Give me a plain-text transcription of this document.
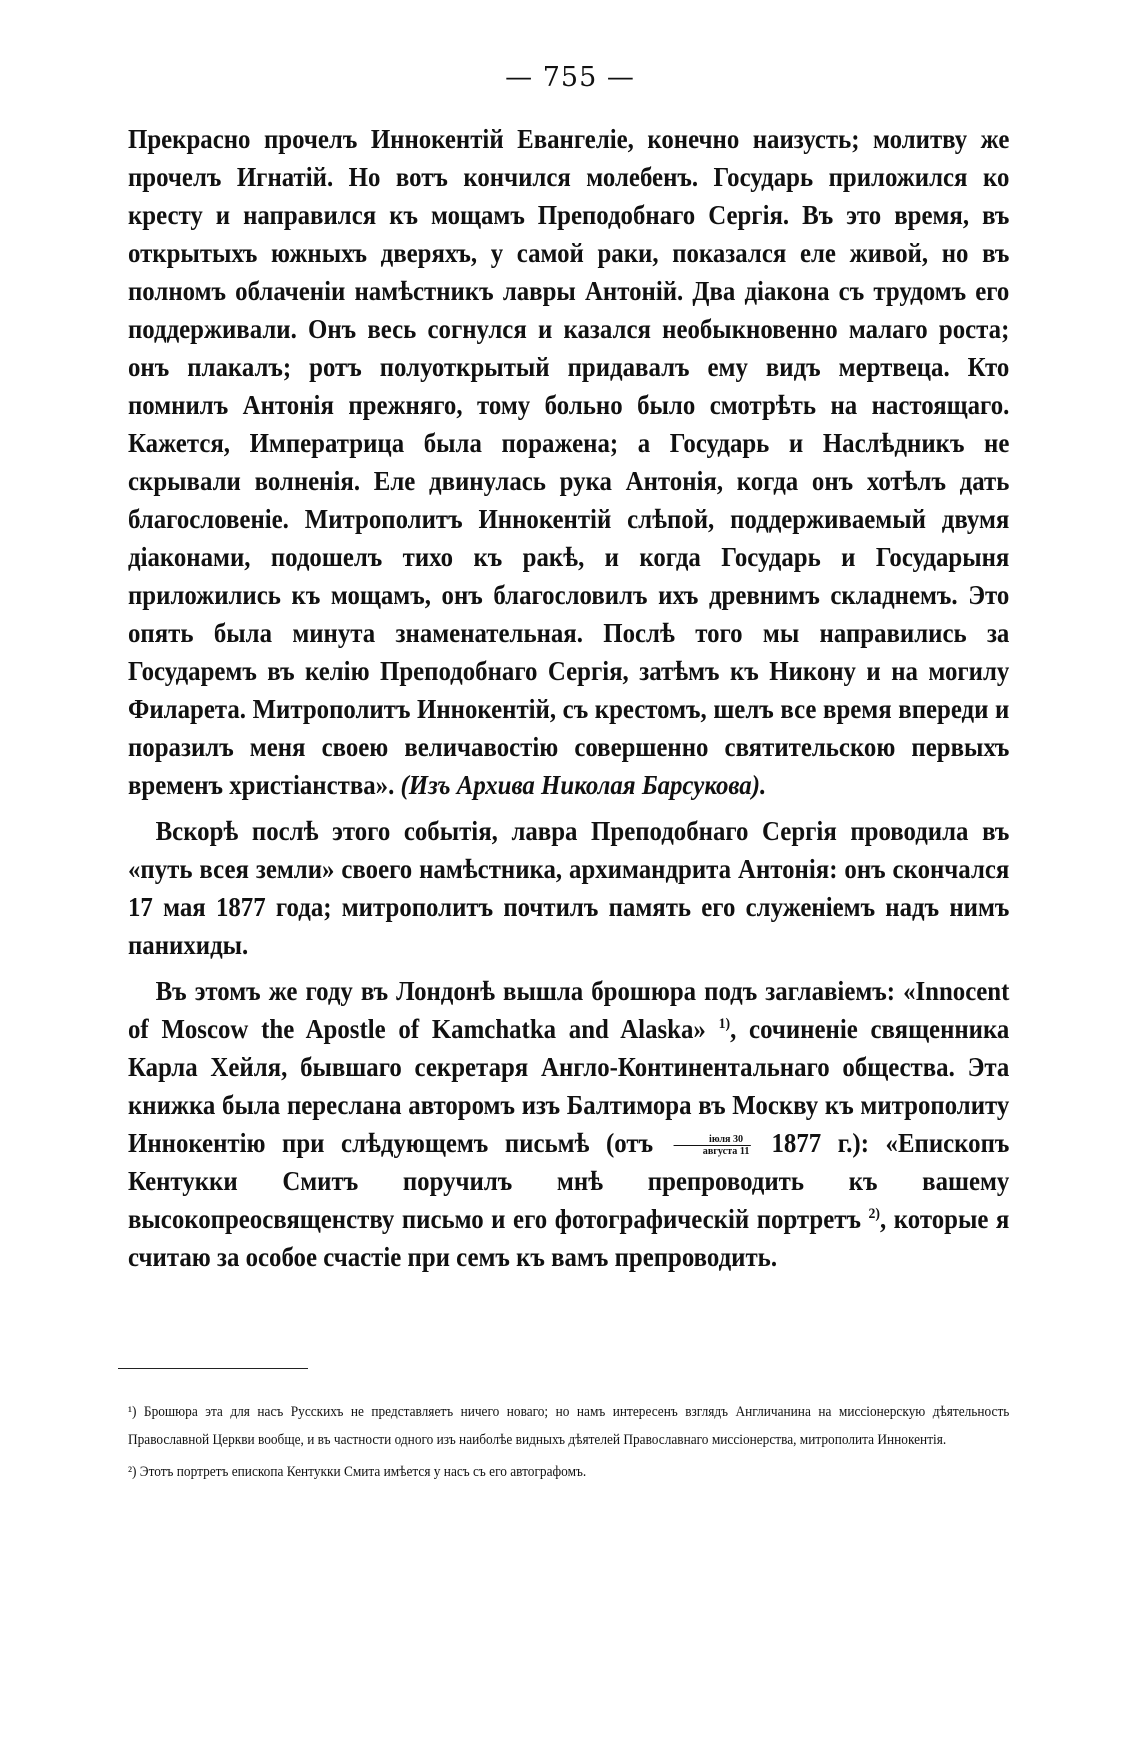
— 755 —

Прекрасно прочелъ Иннокентій Евангеліе, конечно наизусть; молитву же прочелъ Игнатій. Но вотъ кончился молебенъ. Государь приложился ко кресту и направился къ мощамъ Преподобнаго Сергія. Въ это время, въ открытыхъ южныхъ дверяхъ, у самой раки, показался еле живой, но въ полномъ облаченіи намѣстникъ лавры Антоній. Два діакона съ трудомъ его поддерживали. Онъ весь согнулся и казался необыкновенно малаго роста; онъ плакалъ; ротъ полуоткрытый придавалъ ему видъ мертвеца. Кто помнилъ Антонія прежняго, тому больно было смотрѣть на настоящаго. Кажется, Императрица была поражена; а Государь и Наслѣдникъ не скрывали волненія. Еле двинулась рука Антонія, когда онъ хотѣлъ дать благословеніе. Митрополитъ Иннокентій слѣпой, поддерживаемый двумя діаконами, подошелъ тихо къ ракѣ, и когда Государь и Государыня приложились къ мощамъ, онъ благословилъ ихъ древнимъ складнемъ. Это опять была минута знаменательная. Послѣ того мы направились за Государемъ въ келію Преподобнаго Сергія, затѣмъ къ Никону и на могилу Филарета. Митрополитъ Иннокентій, съ крестомъ, шелъ все время впереди и поразилъ меня своею величавостію совершенно святительскою первыхъ временъ христіанства». (Изъ Архива Николая Барсукова).

Вскорѣ послѣ этого событія, лавра Преподобнаго Сергія проводила въ «путь всея земли» своего намѣстника, архимандрита Антонія: онъ скончался 17 мая 1877 года; митрополитъ почтилъ память его служеніемъ надъ нимъ панихиды.

Въ этомъ же году въ Лондонѣ вышла брошюра подъ заглавіемъ: «Innocent of Moscow the Apostle of Kamchatka and Alaska» $^{1)}$, сочиненіе священника Карла Хейля, бывшаго секретаря Англо-Континентальнаго общества. Эта книжка была переслана авторомъ изъ Балтимора въ Москву къ митрополиту Иннокентію при слѣдующемъ письмѣ ($отъ \frac{\text{іюля 30}}{\text{августа 11}} 1877$ г.): «Епископъ Кентукки Смитъ поручилъ мнѣ препроводить къ вашему высокопреосвященству письмо и его фотографическій портретъ $^{2)}$, которые я считаю за особое счастіе при семъ къ вамъ препроводить.

¹) Брошюра эта для насъ Русскихъ не представляетъ ничего новаго; но намъ интересенъ взглядъ Англичанина на миссіонерскую дѣятельность Православной Церкви вообще, и въ частности одного изъ наиболѣе видныхъ дѣятелей Православнаго миссіонерства, митрополита Иннокентія.

²) Этотъ портретъ епископа Кентукки Смита имѣется у насъ съ его автографомъ.
